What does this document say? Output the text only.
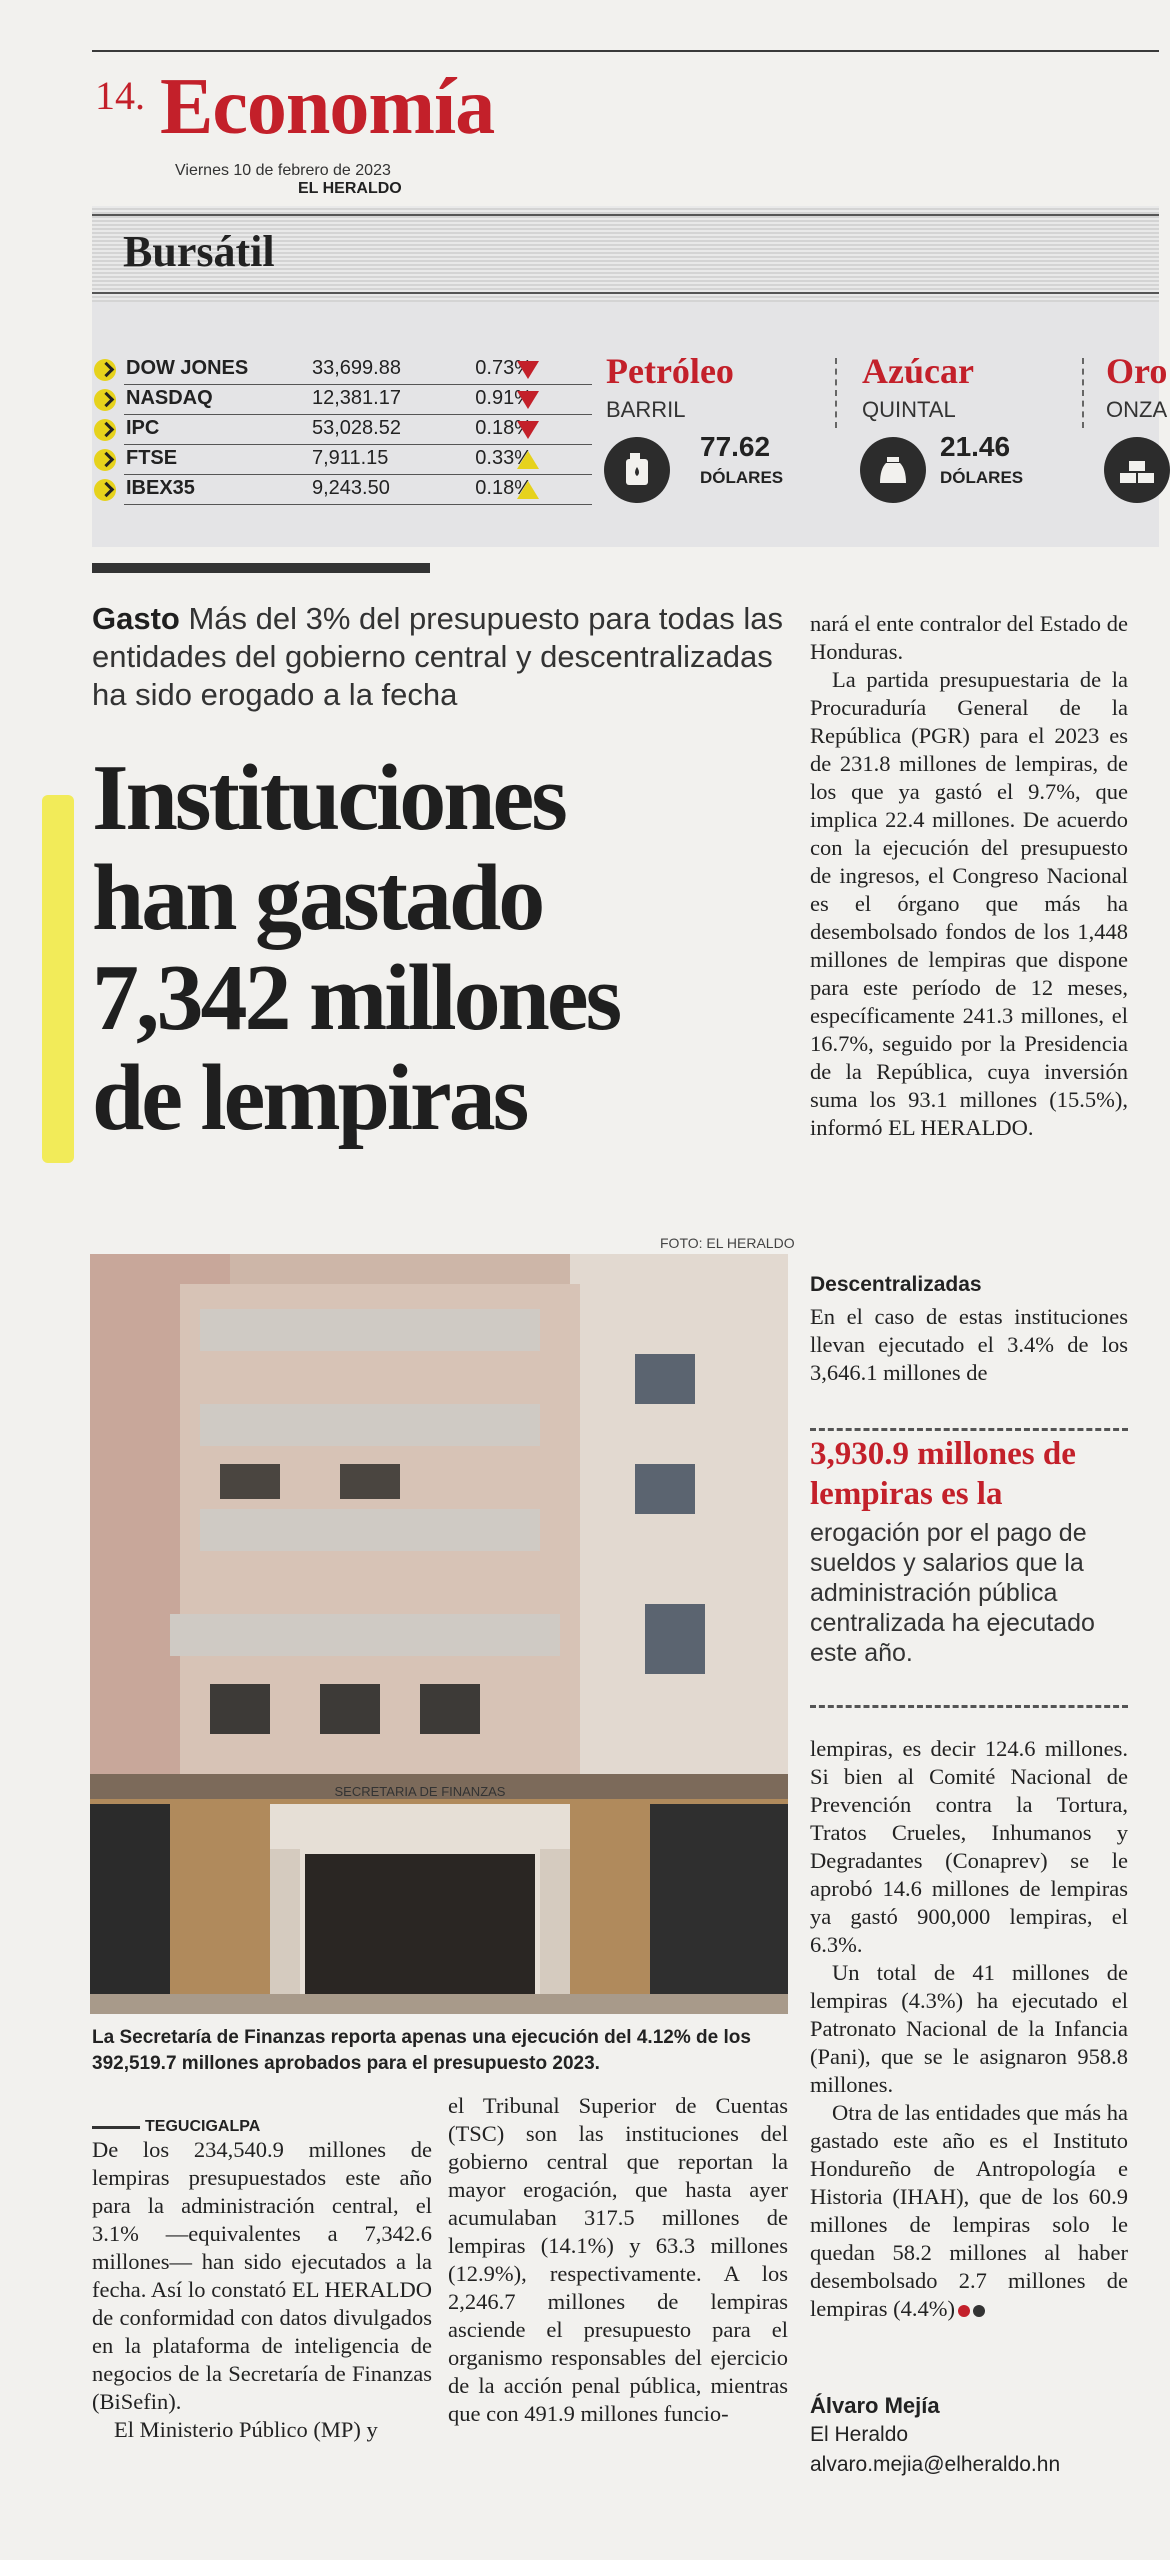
14. Economía
Viernes 10 de febrero de 2023
EL HERALDO
Bursátil
DOW JONES	33,699.88	0.73%
NASDAQ	12,381.17	0.91%
IPC	53,028.52	0.18%
FTSE	7,911.15	0.33%
IBEX35	9,243.50	0.18%
Petróleo
BARRIL
77.62
DÓLARES
Azúcar
QUINTAL
21.46
DÓLARES
Oro
ONZA
Gasto Más del 3% del presupuesto para todas las entidades del gobierno central y descentralizadas ha sido erogado a la fecha
Instituciones
han gastado
7,342 millones
de lempiras
FOTO: EL HERALDO
SECRETARIA DE FINANZAS
La Secretaría de Finanzas reporta apenas una ejecución del 4.12% de los 392,519.7 millones aprobados para el presupuesto 2023.
TEGUCIGALPA

De los 234,540.9 millones de lempiras presupuestados este año para la administración central, el 3.1% —equivalentes a 7,342.6 millones— han sido ejecutados a la fecha. Así lo constató EL HERALDO de conformidad con datos divulgados en la plataforma de inteligencia de negocios de la Secretaría de Finanzas (BiSefin).

El Ministerio Público (MP) y

el Tribunal Superior de Cuentas (TSC) son las instituciones del gobierno central que reportan la mayor erogación, que hasta ayer acumulaban 317.5 millones de lempiras (14.1%) y 63.3 millones (12.9%), respectivamente. A los 2,246.7 millones de lempiras asciende el presupuesto para el organismo responsables del ejercicio de la acción penal pública, mientras que con 491.9 millones funcio-

nará el ente contralor del Estado de Honduras.

La partida presupuestaria de la Procuraduría General de la República (PGR) para el 2023 es de 231.8 millones de lempiras, de los que ya gastó el 9.7%, que implica 22.4 millones. De acuerdo con la ejecución del presupuesto de ingresos, el Congreso Nacional es el órgano que más ha desembolsado fondos de los 1,448 millones de lempiras que dispone para este período de 12 meses, específicamente 241.3 millones, el 16.7%, seguido por la Presidencia de la República, cuya inversión suma los 93.1 millones (15.5%), informó EL HERALDO.

Descentralizadas

En el caso de estas instituciones llevan ejecutado el 3.4% de los 3,646.1 millones de

3,930.9 millones de lempiras es la
erogación por el pago de sueldos y salarios que la administración pública centralizada ha ejecutado este año.

lempiras, es decir 124.6 millones. Si bien al Comité Nacional de Prevención contra la Tortura, Tratos Crueles, Inhumanos y Degradantes (Conaprev) se le aprobó 14.6 millones de lempiras ya gastó 900,000 lempiras, el 6.3%.

Un total de 41 millones de lempiras (4.3%) ha ejecutado el Patronato Nacional de la Infancia (Pani), que se le asignaron 958.8 millones.

Otra de las entidades que más ha gastado este año es el Instituto Hondureño de Antropología e Historia (IHAH), que de los 60.9 millones de lempiras solo le quedan 58.2 millones al haber desembolsado 2.7 millones de lempiras (4.4%)

Álvaro Mejía
El Heraldo
alvaro.mejia@elheraldo.hn
